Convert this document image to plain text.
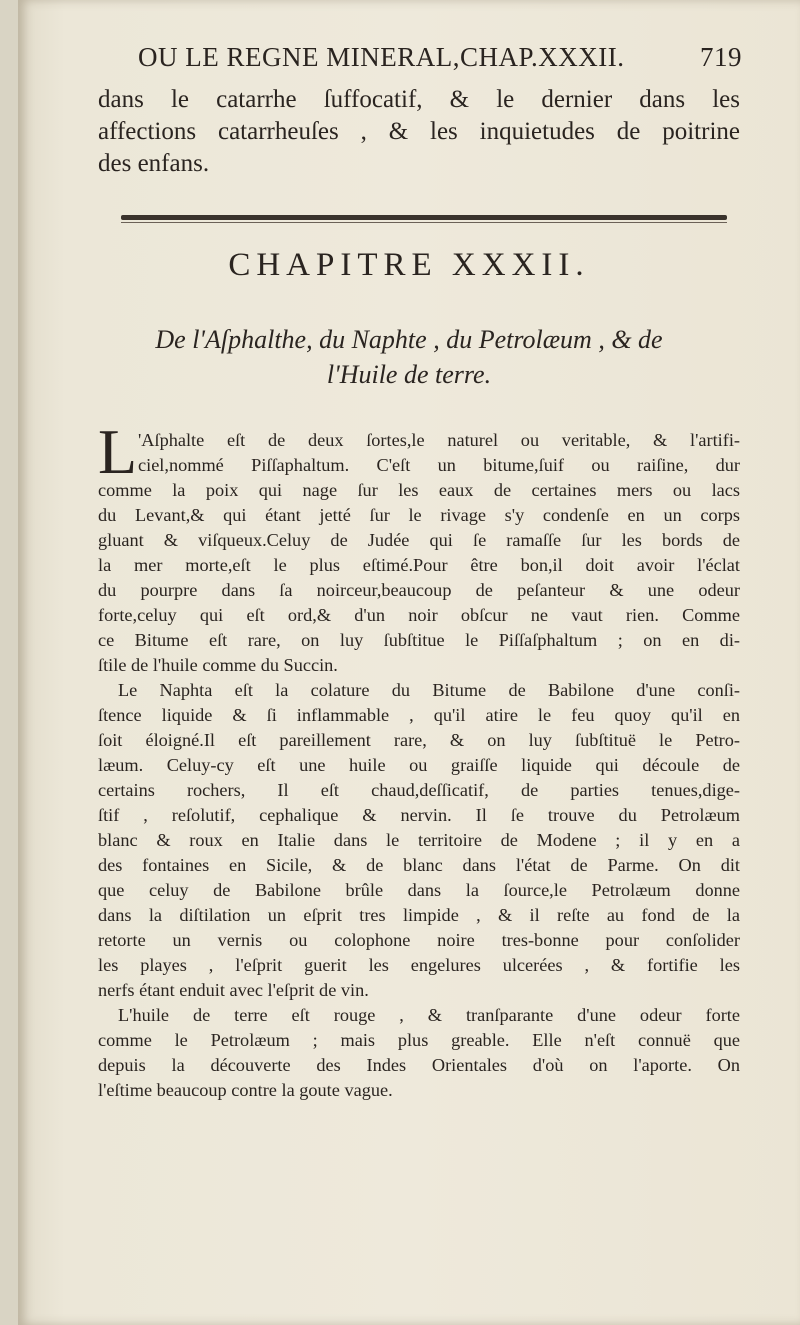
OU LE REGNE MINERAL,CHAP.XXXII.	719
dans le catarrhe ſuffocatif, & le dernier dans les
affections catarrheuſes , & les inquietudes de poitrine
des enfans.
CHAPITRE XXXII.
De l'Aſphalthe, du Naphte , du Petrolæum , & de
l'Huile de terre.
L 'Aſphalte eſt de deux ſortes,le naturel ou veritable, & l'artifi-
ciel,nommé Piſſaphaltum. C'eſt un bitume,ſuif ou raiſine, dur
comme la poix qui nage ſur les eaux de certaines mers ou lacs
du Levant,& qui étant jetté ſur le rivage s'y condenſe en un corps
gluant & viſqueux.Celuy de Judée qui ſe ramaſſe ſur les bords de
la mer morte,eſt le plus eſtimé.Pour être bon,il doit avoir l'éclat
du pourpre dans ſa noirceur,beaucoup de peſanteur & une odeur
forte,celuy qui eſt ord,& d'un noir obſcur ne vaut rien. Comme
ce Bitume eſt rare, on luy ſubſtitue le Piſſaſphaltum ; on en di-
ſtile de l'huile comme du Succin.
Le Naphta eſt la colature du Bitume de Babilone d'une conſi-
ſtence liquide & ſi inflammable , qu'il atire le feu quoy qu'il en
ſoit éloigné.Il eſt pareillement rare, & on luy ſubſtituë le Petro-
læum. Celuy-cy eſt une huile ou graiſſe liquide qui découle de
certains rochers, Il eſt chaud,deſſicatif, de parties tenues,dige-
ſtif , reſolutif, cephalique & nervin. Il ſe trouve du Petrolæum
blanc & roux en Italie dans le territoire de Modene ; il y en a
des fontaines en Sicile, & de blanc dans l'état de Parme. On dit
que celuy de Babilone brûle dans la ſource,le Petrolæum donne
dans la diſtilation un eſprit tres limpide , & il reſte au fond de la
retorte un vernis ou colophone noire tres-bonne pour conſolider
les playes , l'eſprit guerit les engelures ulcerées , & fortifie les
nerfs étant enduit avec l'eſprit de vin.
L'huile de terre eſt rouge , & tranſparante d'une odeur forte
comme le Petrolæum ; mais plus greable. Elle n'eſt connuë que
depuis la découverte des Indes Orientales d'où on l'aporte. On
l'eſtime beaucoup contre la goute vague.
